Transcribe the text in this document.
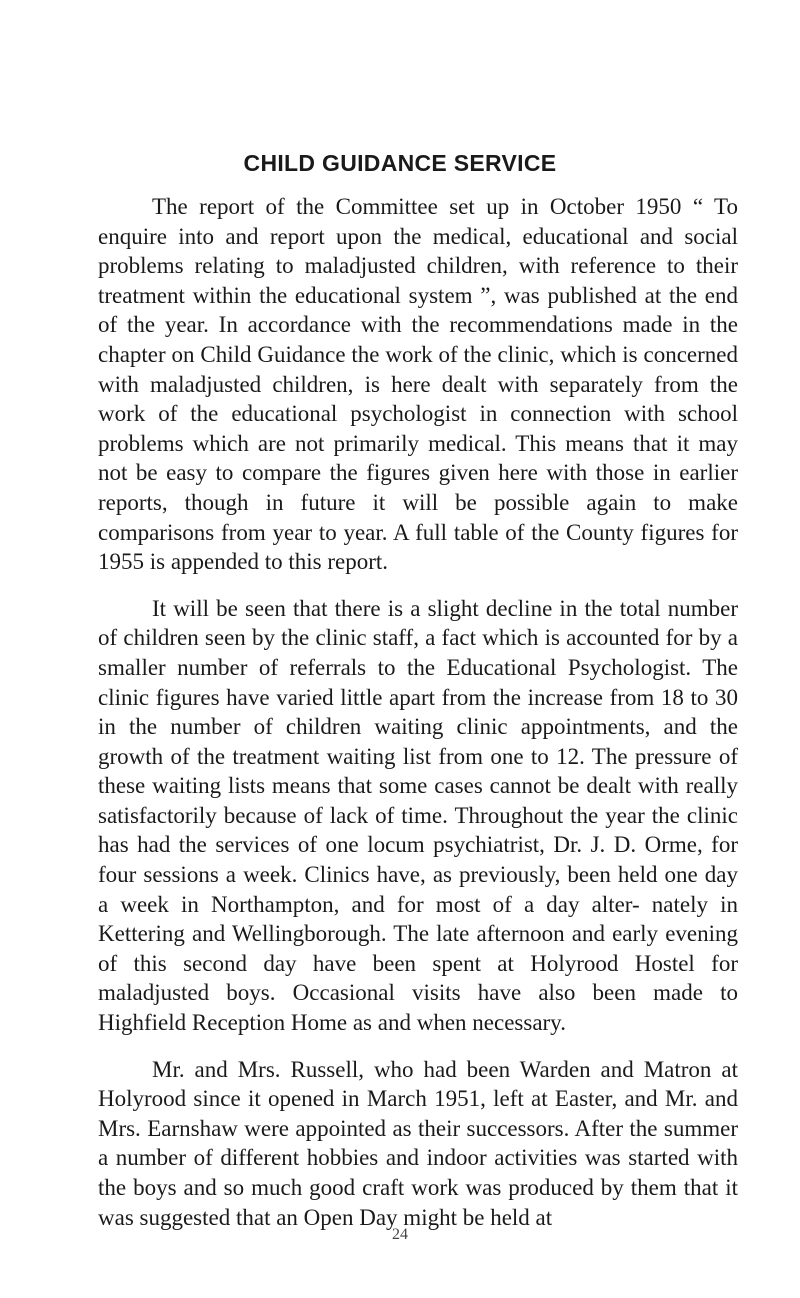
CHILD GUIDANCE SERVICE

The report of the Committee set up in October 1950 “ To enquire into and report upon the medical, educational and social problems relating to maladjusted children, with reference to their treatment within the educational system ”, was published at the end of the year. In accordance with the recommendations made in the chapter on Child Guidance the work of the clinic, which is concerned with maladjusted children, is here dealt with separately from the work of the educational psychologist in connection with school problems which are not primarily medical. This means that it may not be easy to compare the figures given here with those in earlier reports, though in future it will be possible again to make comparisons from year to year. A full table of the County figures for 1955 is appended to this report.

It will be seen that there is a slight decline in the total number of children seen by the clinic staff, a fact which is accounted for by a smaller number of referrals to the Educational Psychologist. The clinic figures have varied little apart from the increase from 18 to 30 in the number of children waiting clinic appointments, and the growth of the treatment waiting list from one to 12. The pressure of these waiting lists means that some cases cannot be dealt with really satisfactorily because of lack of time. Throughout the year the clinic has had the services of one locum psychiatrist, Dr. J. D. Orme, for four sessions a week. Clinics have, as previously, been held one day a week in Northampton, and for most of a day alter- nately in Kettering and Wellingborough. The late afternoon and early evening of this second day have been spent at Holyrood Hostel for maladjusted boys. Occasional visits have also been made to Highfield Reception Home as and when necessary.

Mr. and Mrs. Russell, who had been Warden and Matron at Holyrood since it opened in March 1951, left at Easter, and Mr. and Mrs. Earnshaw were appointed as their successors. After the summer a number of different hobbies and indoor activities was started with the boys and so much good craft work was produced by them that it was suggested that an Open Day might be held at

24
